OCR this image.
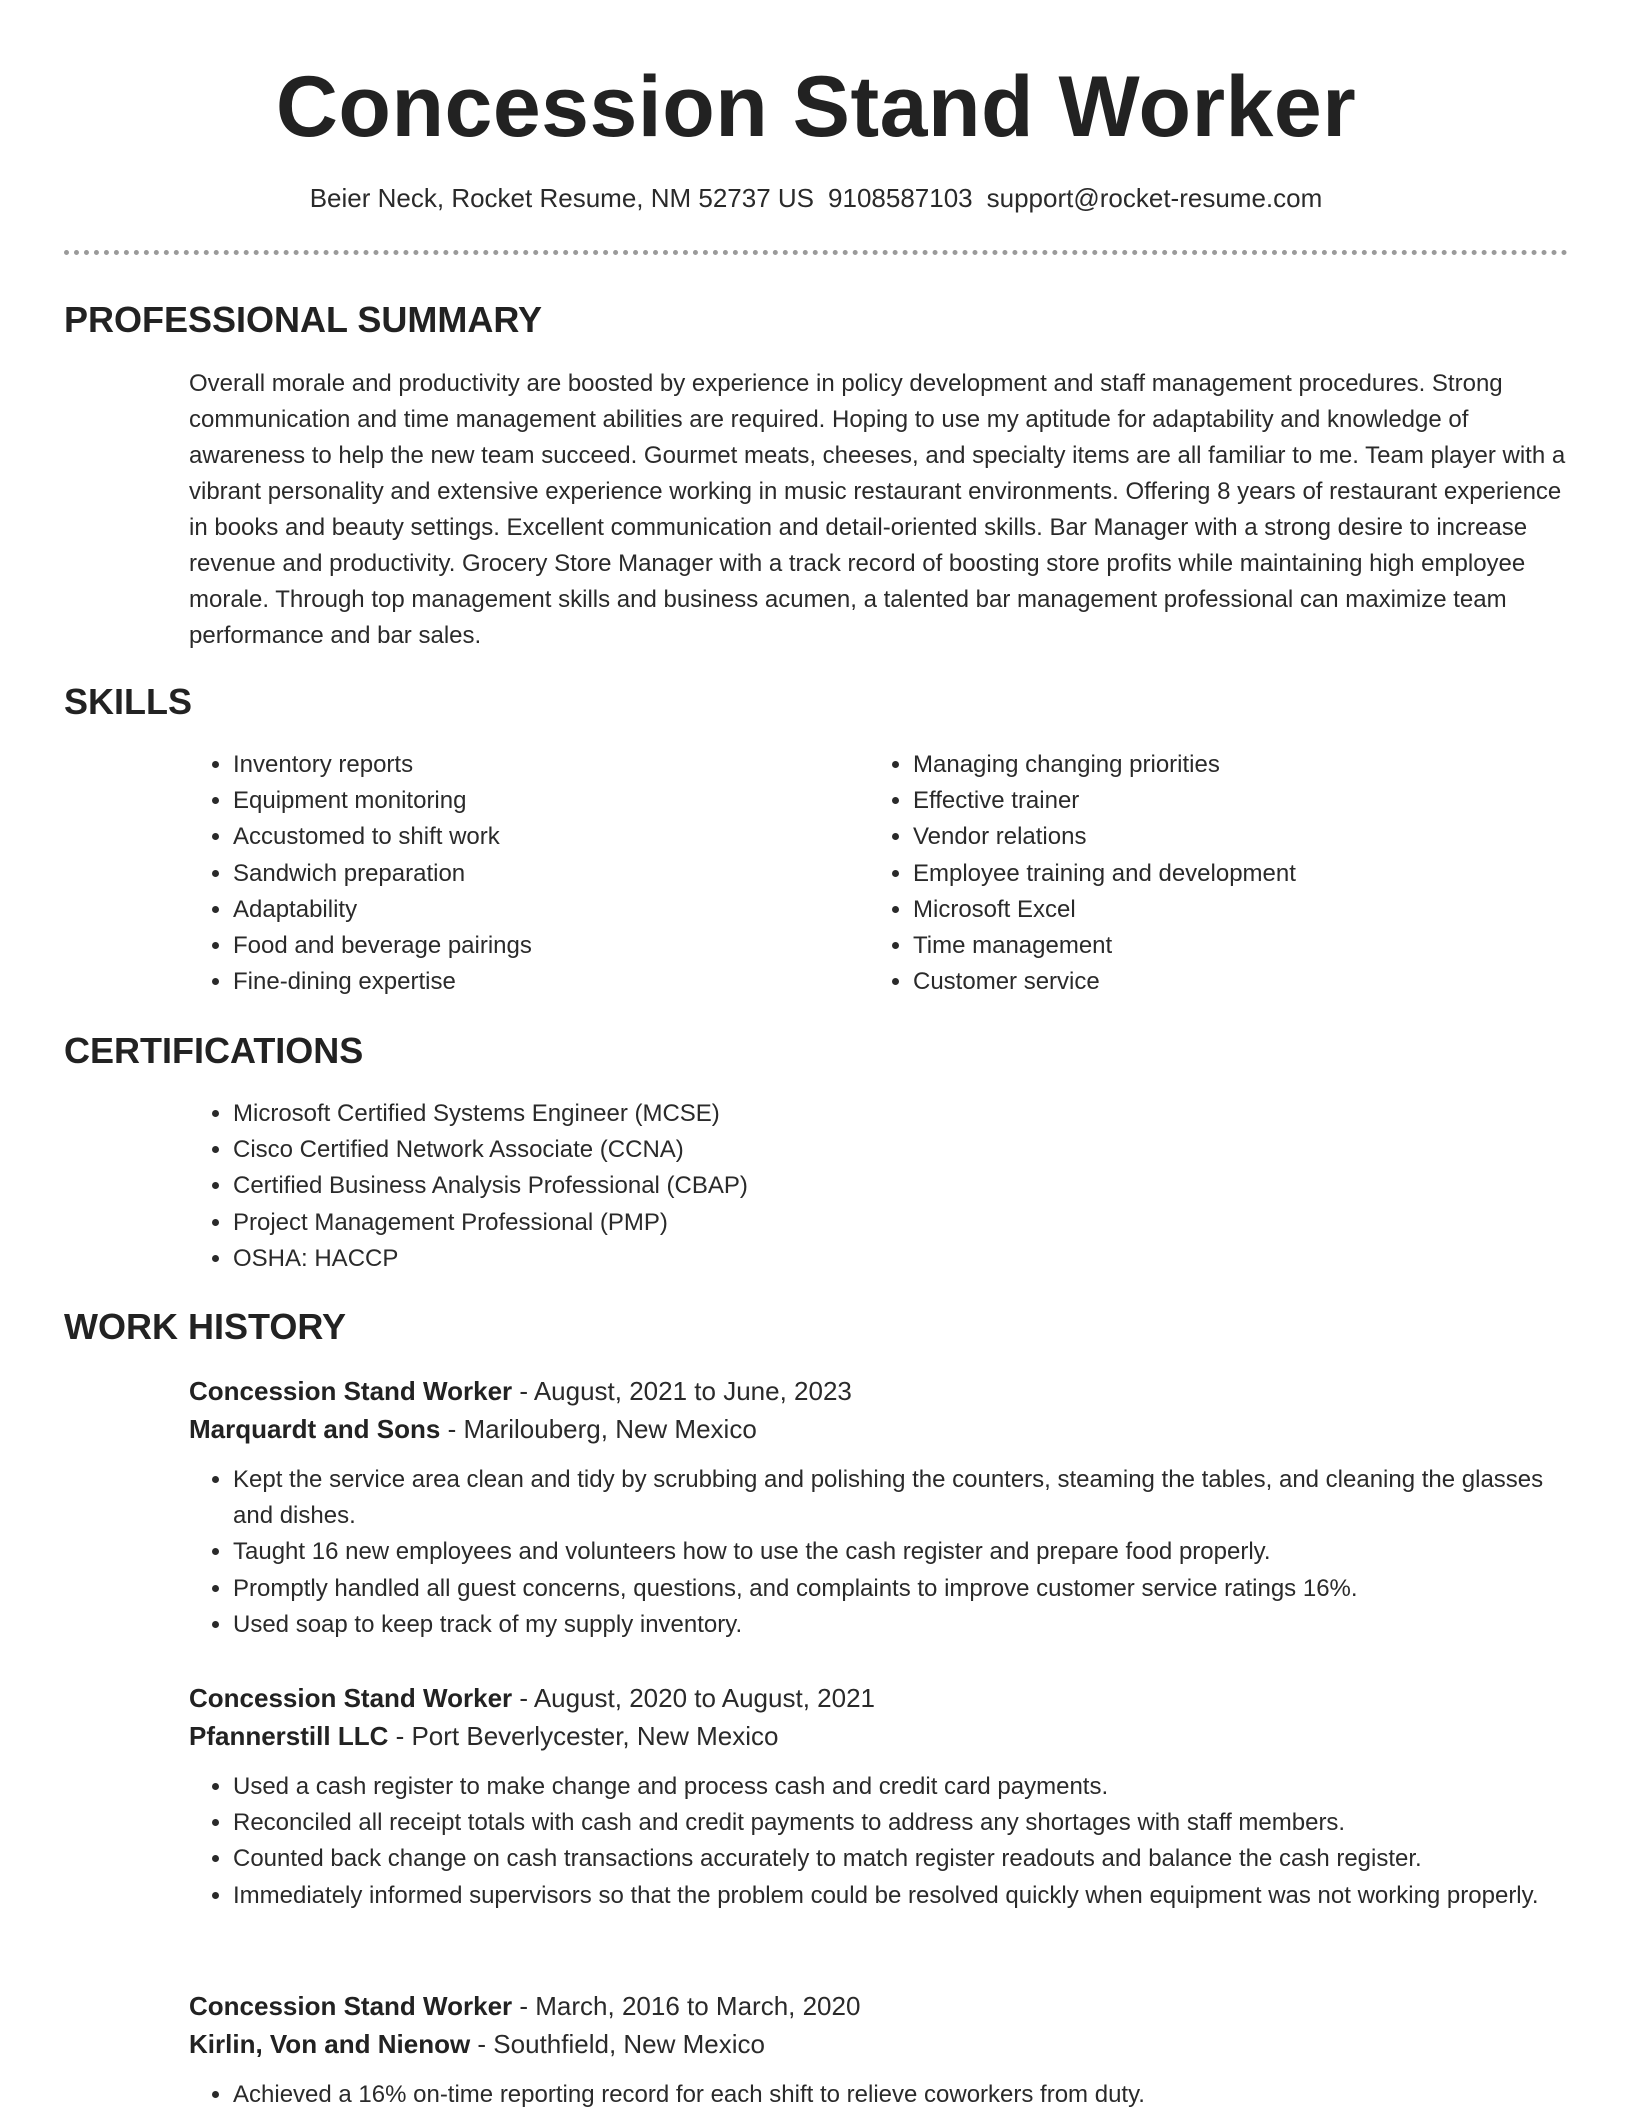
Concession Stand Worker
Beier Neck, Rocket Resume, NM 52737 US 9108587103 support@rocket-resume.com
PROFESSIONAL SUMMARY

Overall morale and productivity are boosted by experience in policy development and staff management procedures. Strong communication and time management abilities are required. Hoping to use my aptitude for adaptability and knowledge of awareness to help the new team succeed. Gourmet meats, cheeses, and specialty items are all familiar to me. Team player with a vibrant personality and extensive experience working in music restaurant environments. Offering 8 years of restaurant experience in books and beauty settings. Excellent communication and detail-oriented skills. Bar Manager with a strong desire to increase revenue and productivity. Grocery Store Manager with a track record of boosting store profits while maintaining high employee morale. Through top management skills and business acumen, a talented bar management professional can maximize team performance and bar sales.

SKILLS
• Inventory reports
• Equipment monitoring
• Accustomed to shift work
• Sandwich preparation
• Adaptability
• Food and beverage pairings
• Fine-dining expertise
• Managing changing priorities
• Effective trainer
• Vendor relations
• Employee training and development
• Microsoft Excel
• Time management
• Customer service
CERTIFICATIONS
• Microsoft Certified Systems Engineer (MCSE)
• Cisco Certified Network Associate (CCNA)
• Certified Business Analysis Professional (CBAP)
• Project Management Professional (PMP)
• OSHA: HACCP
WORK HISTORY
Concession Stand Worker - August, 2021 to June, 2023
Marquardt and Sons - Marilouberg, New Mexico
• Kept the service area clean and tidy by scrubbing and polishing the counters, steaming the tables, and cleaning the glasses and dishes.
• Taught 16 new employees and volunteers how to use the cash register and prepare food properly.
• Promptly handled all guest concerns, questions, and complaints to improve customer service ratings 16%.
• Used soap to keep track of my supply inventory.
Concession Stand Worker - August, 2020 to August, 2021
Pfannerstill LLC - Port Beverlycester, New Mexico
• Used a cash register to make change and process cash and credit card payments.
• Reconciled all receipt totals with cash and credit payments to address any shortages with staff members.
• Counted back change on cash transactions accurately to match register readouts and balance the cash register.
• Immediately informed supervisors so that the problem could be resolved quickly when equipment was not working properly.
Concession Stand Worker - March, 2016 to March, 2020
Kirlin, Von and Nienow - Southfield, New Mexico
• Achieved a 16% on-time reporting record for each shift to relieve coworkers from duty.
